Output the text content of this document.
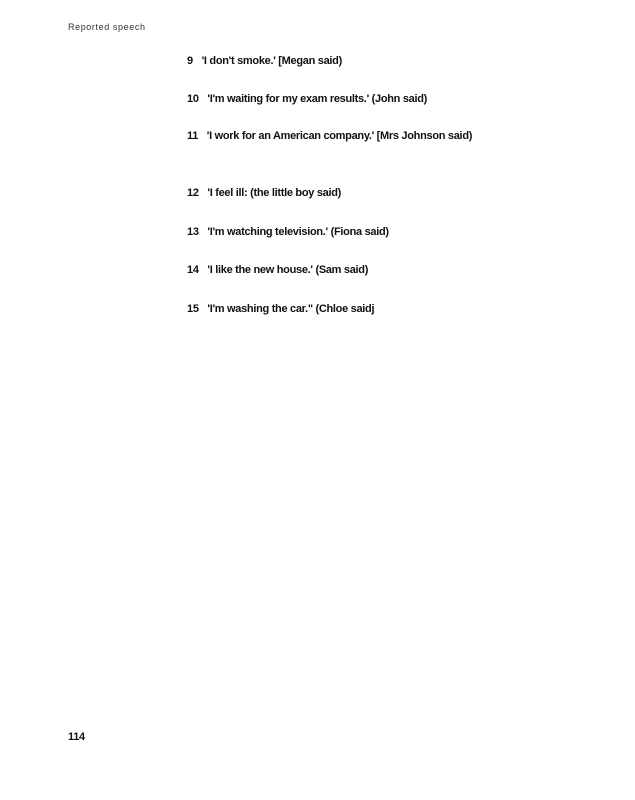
Reported speech
9 'I don't smoke.' [Megan said)
10 'I'm waiting for my exam results.' (John said)
11 'I work for an American company.' [Mrs Johnson said)
12 'I feel ill: (the little boy said)
13 'I'm watching television.' (Fiona said)
14 'I like the new house.' (Sam said)
15 'I'm washing the car." (Chloe saidj
114
